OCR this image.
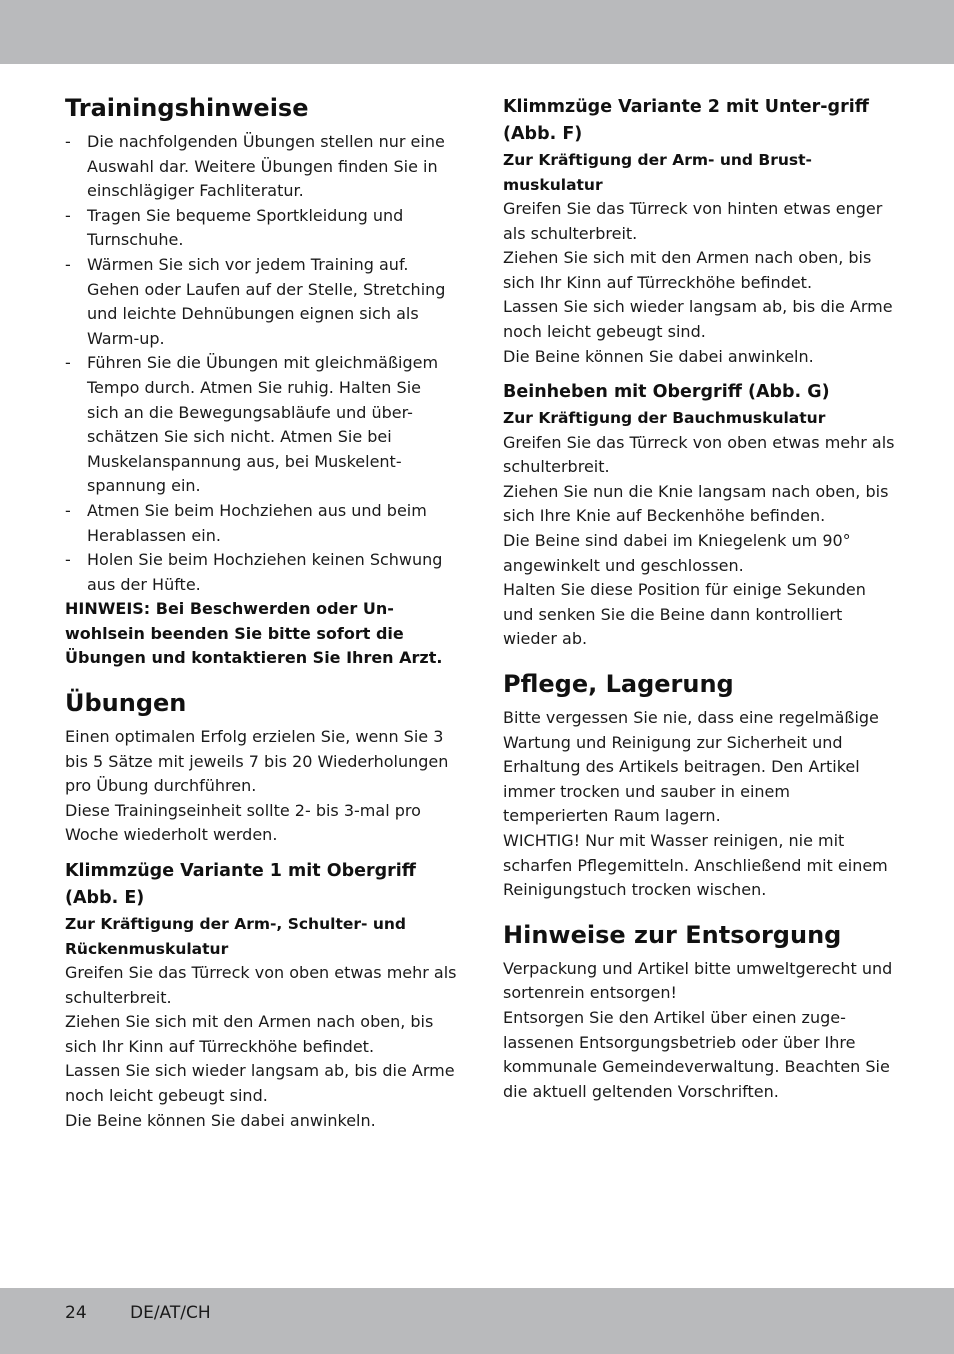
Trainingshinweise
- Die nachfolgenden Übungen stellen nur eine Auswahl dar. Weitere Übungen finden Sie in einschlägiger Fachliteratur.
- Tragen Sie bequeme Sportkleidung und Turnschuhe.
- Wärmen Sie sich vor jedem Training auf. Gehen oder Laufen auf der Stelle, Stretching und leichte Dehnübungen eignen sich als Warm-up.
- Führen Sie die Übungen mit gleichmäßigem Tempo durch. Atmen Sie ruhig. Halten Sie sich an die Bewegungsabläufe und über-schätzen Sie sich nicht. Atmen Sie bei Muskelanspannung aus, bei Muskelent-spannung ein.
- Atmen Sie beim Hochziehen aus und beim Herablassen ein.
- Holen Sie beim Hochziehen keinen Schwung aus der Hüfte.

HINWEIS: Bei Beschwerden oder Un-wohlsein beenden Sie bitte sofort die Übungen und kontaktieren Sie Ihren Arzt.

Übungen

Einen optimalen Erfolg erzielen Sie, wenn Sie 3 bis 5 Sätze mit jeweils 7 bis 20 Wiederholungen pro Übung durchführen.

Diese Trainingseinheit sollte 2- bis 3-mal pro Woche wiederholt werden.

Klimmzüge Variante 1 mit Obergriff (Abb. E)
Zur Kräftigung der Arm-, Schulter- und Rückenmuskulatur

Greifen Sie das Türreck von oben etwas mehr als schulterbreit.

Ziehen Sie sich mit den Armen nach oben, bis sich Ihr Kinn auf Türreckhöhe befindet.

Lassen Sie sich wieder langsam ab, bis die Arme noch leicht gebeugt sind.

Die Beine können Sie dabei anwinkeln.

Klimmzüge Variante 2 mit Unter-griff (Abb. F)
Zur Kräftigung der Arm- und Brust-muskulatur

Greifen Sie das Türreck von hinten etwas enger als schulterbreit.

Ziehen Sie sich mit den Armen nach oben, bis sich Ihr Kinn auf Türreckhöhe befindet.

Lassen Sie sich wieder langsam ab, bis die Arme noch leicht gebeugt sind.

Die Beine können Sie dabei anwinkeln.

Beinheben mit Obergriff (Abb. G)
Zur Kräftigung der Bauchmuskulatur

Greifen Sie das Türreck von oben etwas mehr als schulterbreit.

Ziehen Sie nun die Knie langsam nach oben, bis sich Ihre Knie auf Beckenhöhe befinden.

Die Beine sind dabei im Kniegelenk um 90° angewinkelt und geschlossen.

Halten Sie diese Position für einige Sekunden und senken Sie die Beine dann kontrolliert wieder ab.

Pflege, Lagerung

Bitte vergessen Sie nie, dass eine regelmäßige Wartung und Reinigung zur Sicherheit und Erhaltung des Artikels beitragen. Den Artikel immer trocken und sauber in einem temperierten Raum lagern.

WICHTIG! Nur mit Wasser reinigen, nie mit scharfen Pflegemitteln. Anschließend mit einem Reinigungstuch trocken wischen.

Hinweise zur Entsorgung

Verpackung und Artikel bitte umweltgerecht und sortenrein entsorgen!

Entsorgen Sie den Artikel über einen zuge-lassenen Entsorgungsbetrieb oder über Ihre kommunale Gemeindeverwaltung. Beachten Sie die aktuell geltenden Vorschriften.

24	DE/AT/CH
